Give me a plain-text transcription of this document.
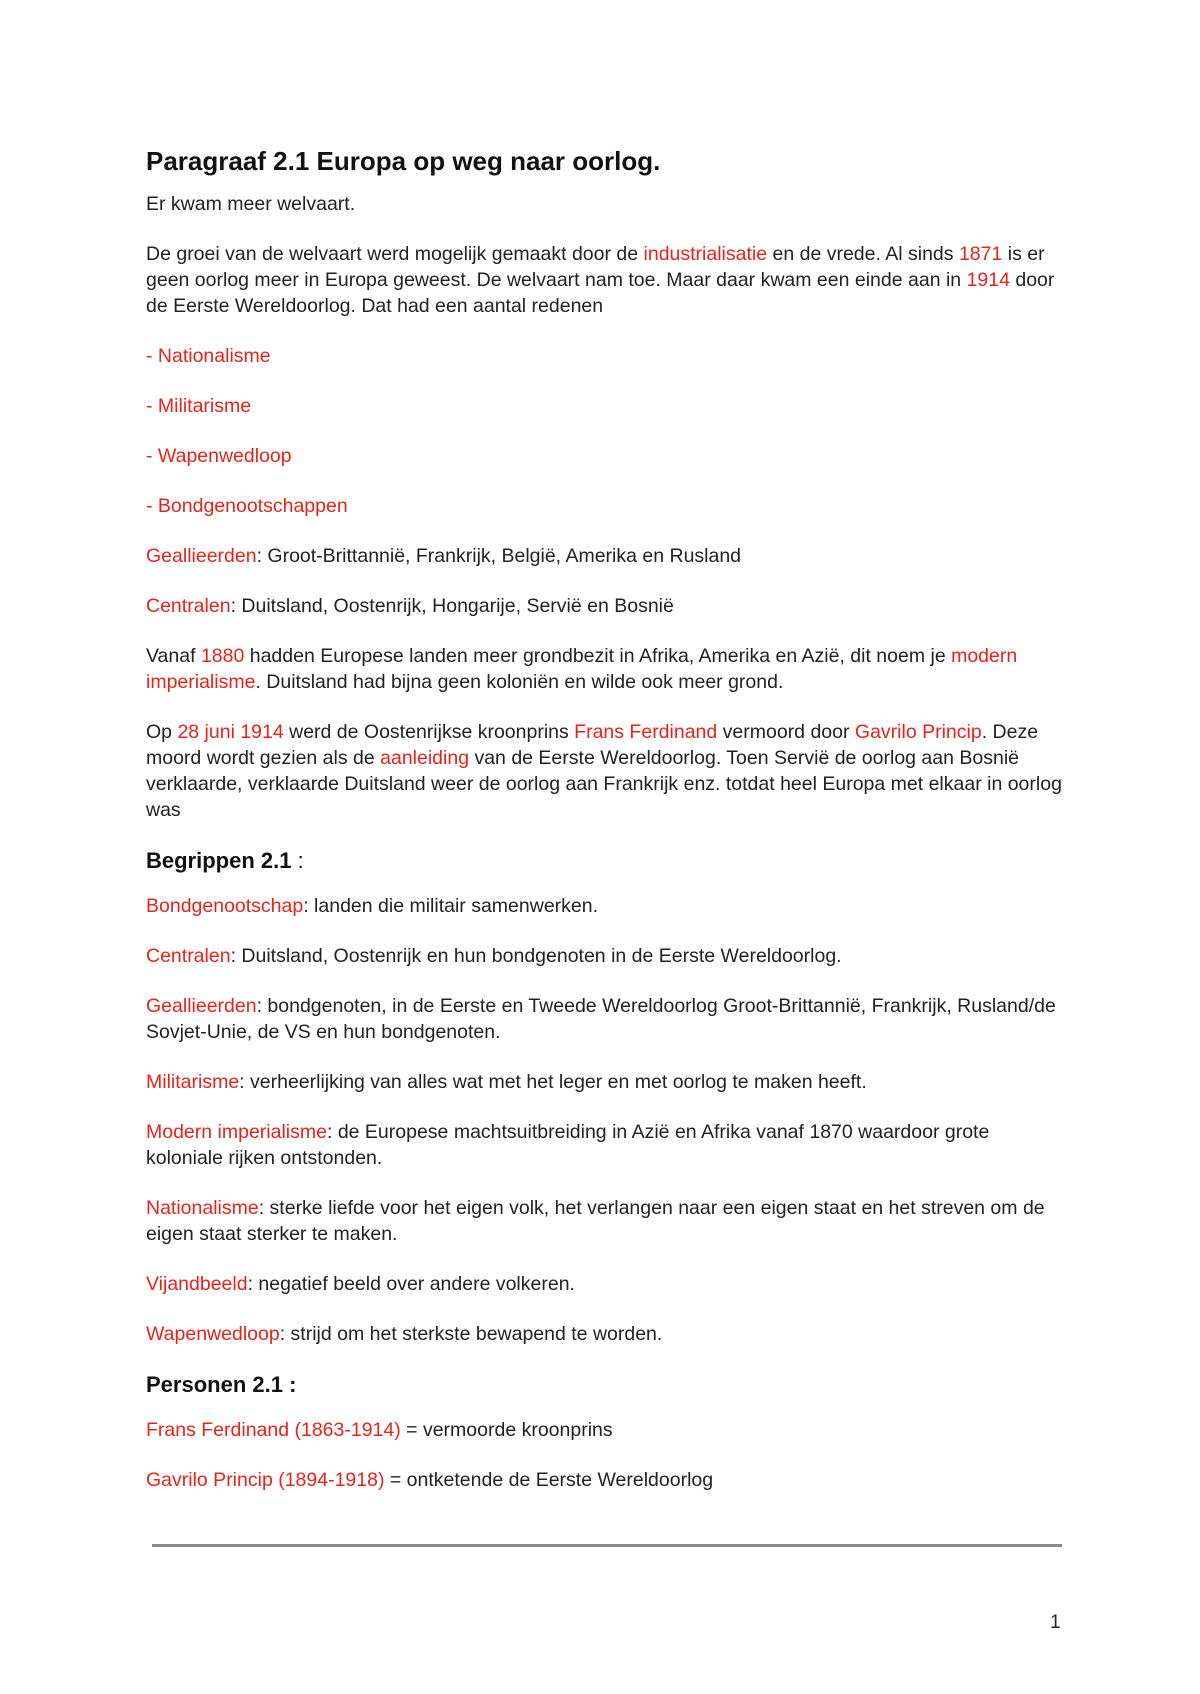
Paragraaf 2.1 Europa op weg naar oorlog.

Er kwam meer welvaart.

De groei van de welvaart werd mogelijk gemaakt door de industrialisatie en de vrede. Al sinds 1871 is er geen oorlog meer in Europa geweest. De welvaart nam toe. Maar daar kwam een einde aan in 1914 door de Eerste Wereldoorlog. Dat had een aantal redenen

- Nationalisme

- Militarisme

- Wapenwedloop

- Bondgenootschappen

Geallieerden: Groot-Brittannië, Frankrijk, België, Amerika en Rusland

Centralen: Duitsland, Oostenrijk, Hongarije, Servië en Bosnië

Vanaf 1880 hadden Europese landen meer grondbezit in Afrika, Amerika en Azië, dit noem je modern imperialisme. Duitsland had bijna geen koloniën en wilde ook meer grond.

Op 28 juni 1914 werd de Oostenrijkse kroonprins Frans Ferdinand vermoord door Gavrilo Princip. Deze moord wordt gezien als de aanleiding van de Eerste Wereldoorlog. Toen Servië de oorlog aan Bosnië verklaarde, verklaarde Duitsland weer de oorlog aan Frankrijk enz. totdat heel Europa met elkaar in oorlog was

Begrippen 2.1 :

Bondgenootschap: landen die militair samenwerken.

Centralen: Duitsland, Oostenrijk en hun bondgenoten in de Eerste Wereldoorlog.

Geallieerden: bondgenoten, in de Eerste en Tweede Wereldoorlog Groot-Brittannië, Frankrijk, Rusland/de Sovjet-Unie, de VS en hun bondgenoten.

Militarisme: verheerlijking van alles wat met het leger en met oorlog te maken heeft.

Modern imperialisme: de Europese machtsuitbreiding in Azië en Afrika vanaf 1870 waardoor grote koloniale rijken ontstonden.

Nationalisme: sterke liefde voor het eigen volk, het verlangen naar een eigen staat en het streven om de eigen staat sterker te maken.

Vijandbeeld: negatief beeld over andere volkeren.

Wapenwedloop: strijd om het sterkste bewapend te worden.

Personen 2.1 :

Frans Ferdinand (1863-1914) = vermoorde kroonprins

Gavrilo Princip (1894-1918) = ontketende de Eerste Wereldoorlog

1
